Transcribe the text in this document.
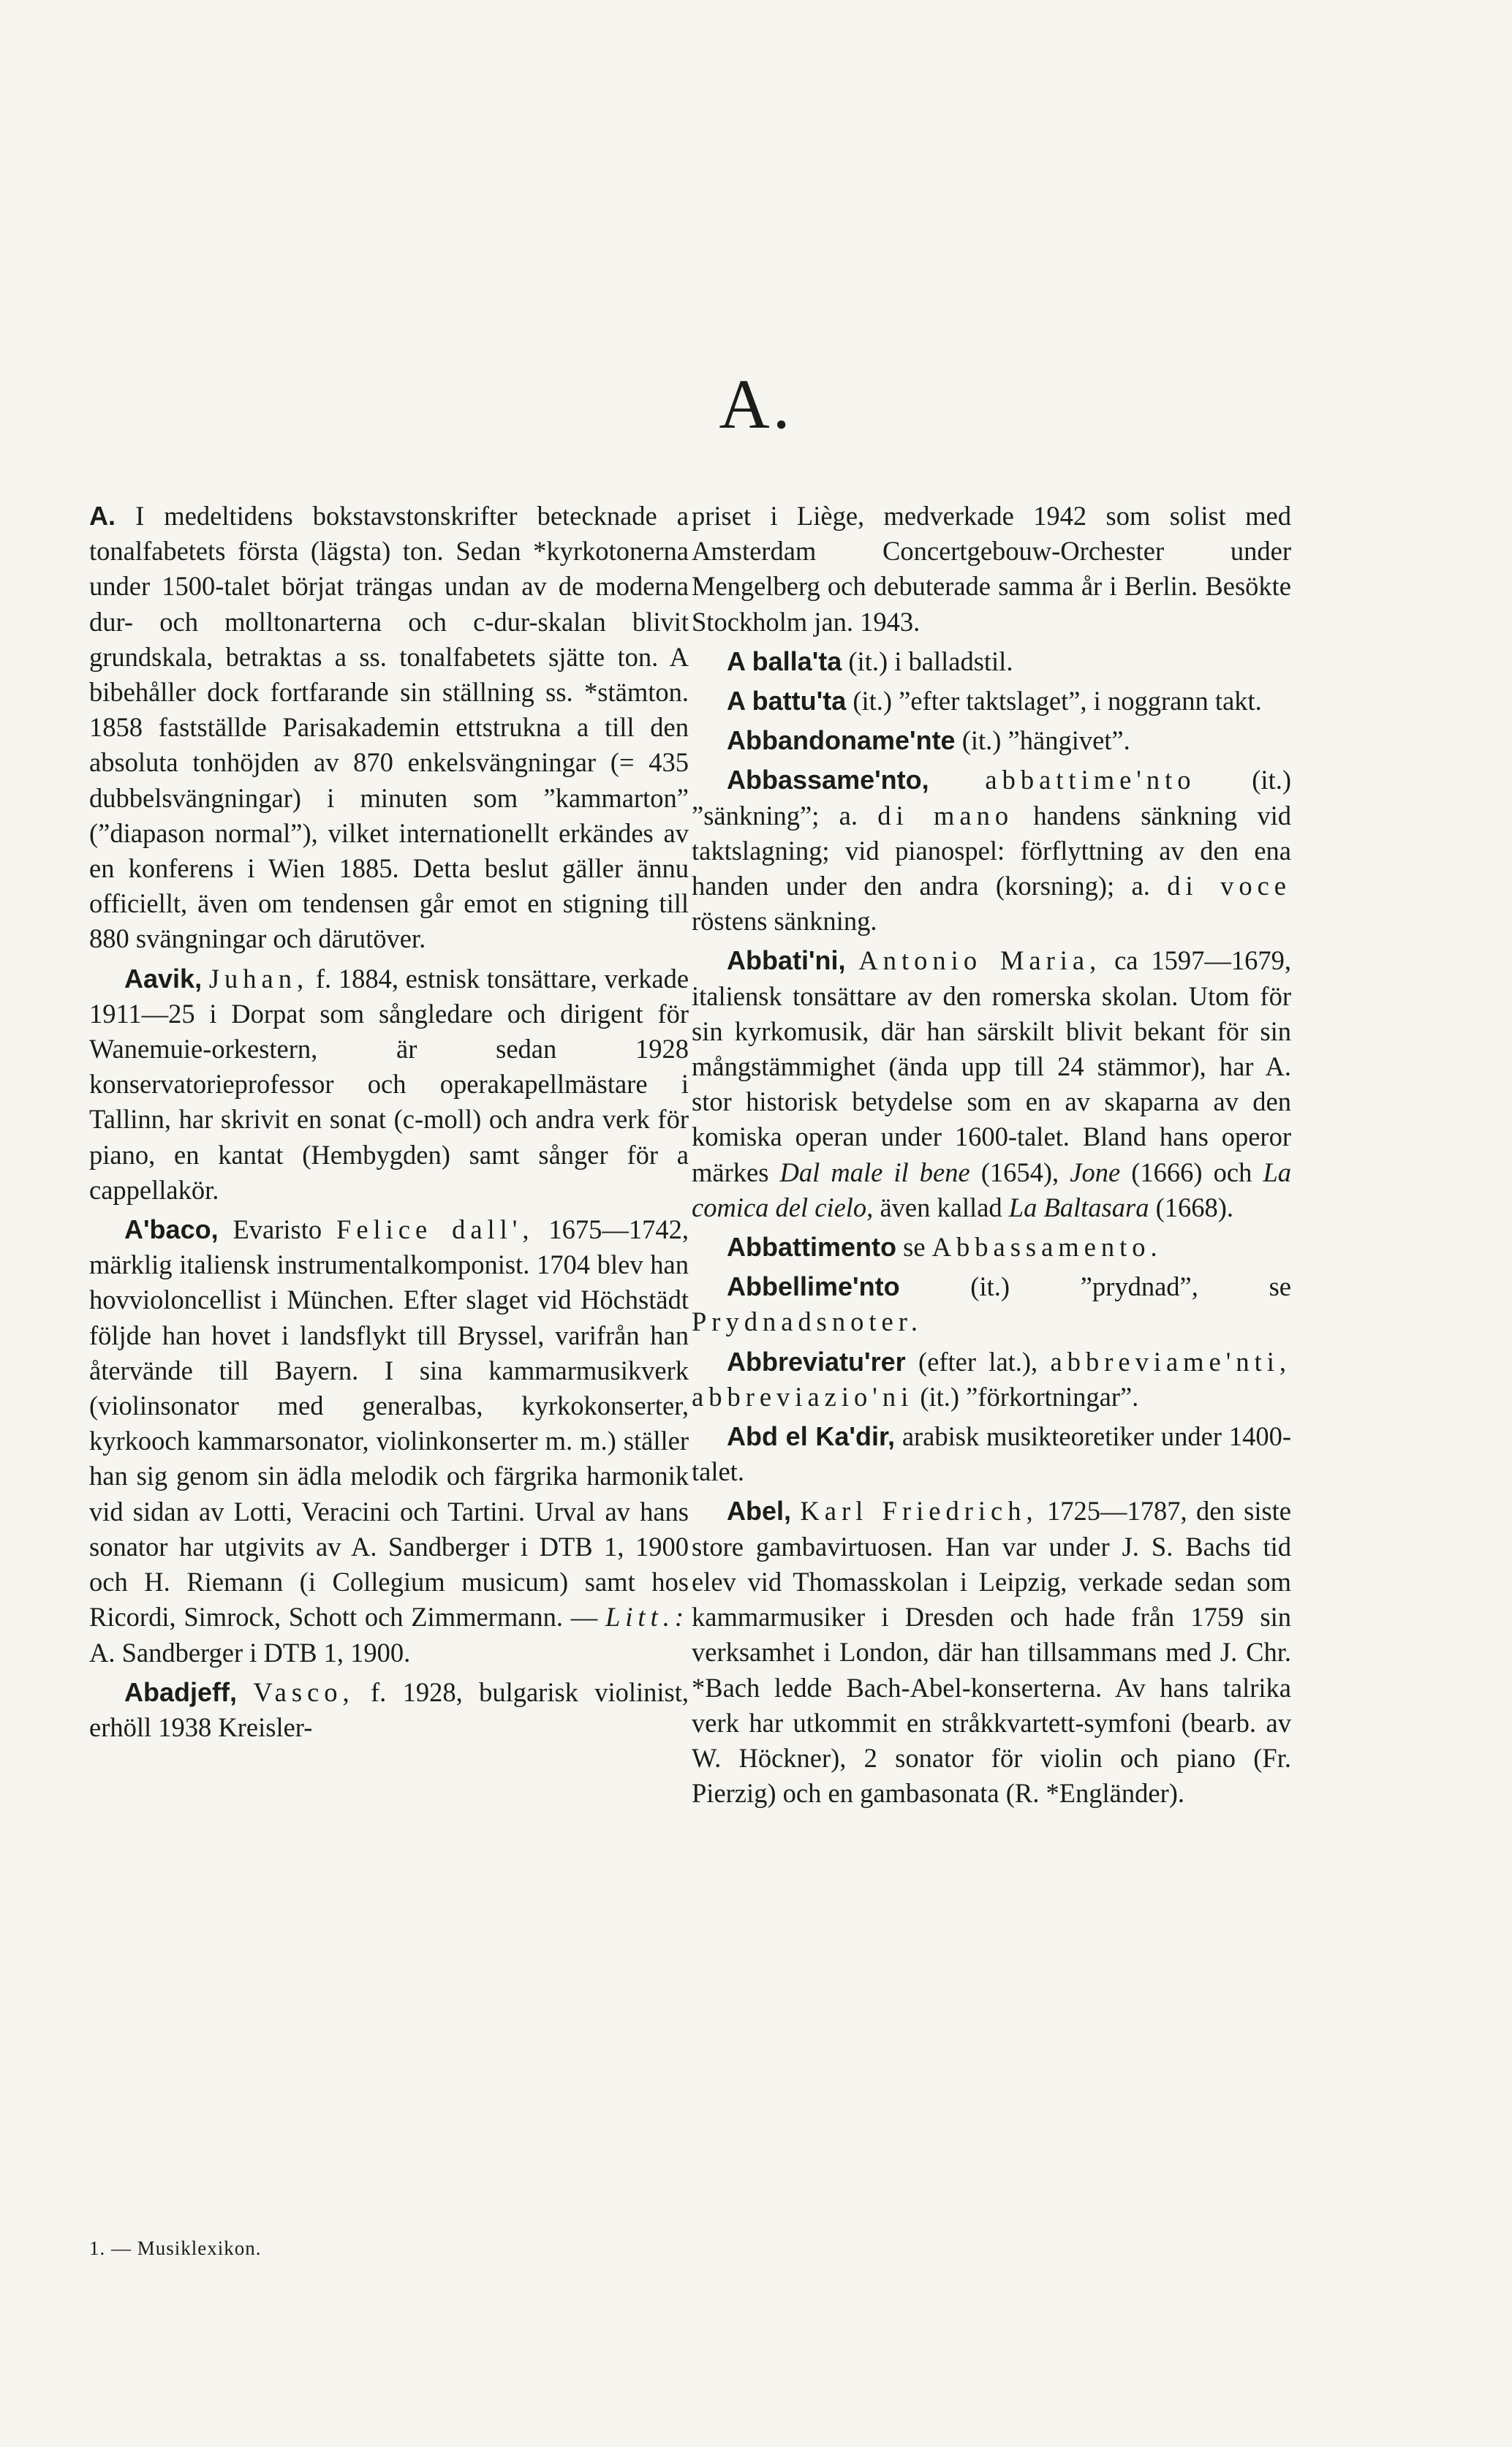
A.

A. I medeltidens bokstavstonskrifter betecknade a tonalfabetets första (lägsta) ton. Sedan *kyrkotonerna under 1500-talet börjat trängas undan av de moderna dur- och molltonarterna och c-dur-skalan blivit grundskala, betraktas a ss. tonalfabetets sjätte ton. A bibehåller dock fortfarande sin ställning ss. *stämton. 1858 fastställde Parisakademin ettstrukna a till den absoluta tonhöjden av 870 enkelsvängningar (= 435 dubbelsvängningar) i minuten som ”kammarton” (”diapason normal”), vilket internationellt erkändes av en konferens i Wien 1885. Detta beslut gäller ännu officiellt, även om tendensen går emot en stigning till 880 svängningar och därutöver.

Aavik, Juhan, f. 1884, estnisk tonsättare, verkade 1911—25 i Dorpat som sångledare och dirigent för Wanemuie-orkestern, är sedan 1928 konservatorieprofessor och operakapellmästare i Tallinn, har skrivit en sonat (c-moll) och andra verk för piano, en kantat (Hembygden) samt sånger för a cappellakör.

A'baco, Evaristo Felice dall', 1675—1742, märklig italiensk instrumentalkomponist. 1704 blev han hovvioloncellist i München. Efter slaget vid Höchstädt följde han hovet i landsflykt till Bryssel, varifrån han återvände till Bayern. I sina kammarmusikverk (violinsonator med generalbas, kyrkokonserter, kyrkooch kammarsonator, violinkonserter m. m.) ställer han sig genom sin ädla melodik och färgrika harmonik vid sidan av Lotti, Veracini och Tartini. Urval av hans sonator har utgivits av A. Sandberger i DTB 1, 1900 och H. Riemann (i Collegium musicum) samt hos Ricordi, Simrock, Schott och Zimmermann. — Litt.: A. Sandberger i DTB 1, 1900.

Abadjeff, Vasco, f. 1928, bulgarisk violinist, erhöll 1938 Kreisler-

priset i Liège, medverkade 1942 som solist med Amsterdam Concertgebouw-Orchester under Mengelberg och debuterade samma år i Berlin. Besökte Stockholm jan. 1943.

A balla'ta (it.) i balladstil.

A battu'ta (it.) ”efter taktslaget”, i noggrann takt.

Abbandoname'nte (it.) ”hängivet”.

Abbassame'nto, abbattime'nto (it.) ”sänkning”; a. di mano handens sänkning vid taktslagning; vid pianospel: förflyttning av den ena handen under den andra (korsning); a. di voce röstens sänkning.

Abbati'ni, Antonio Maria, ca 1597—1679, italiensk tonsättare av den romerska skolan. Utom för sin kyrkomusik, där han särskilt blivit bekant för sin mångstämmighet (ända upp till 24 stämmor), har A. stor historisk betydelse som en av skaparna av den komiska operan under 1600-talet. Bland hans operor märkes Dal male il bene (1654), Jone (1666) och La comica del cielo, även kallad La Baltasara (1668).

Abbattimento se Abbassamento.

Abbellime'nto	(it.) ”prydnad”, se Prydnadsnoter.

Abbreviatu'rer (efter lat.), abbreviame'nti, abbreviazio'ni (it.) ”förkortningar”.

Abd el Ka'dir, arabisk musikteoretiker under 1400-talet.

Abel, Karl Friedrich, 1725—1787, den siste store gambavirtuosen. Han var under J. S. Bachs tid elev vid Thomasskolan i Leipzig, verkade sedan som kammarmusiker i Dresden och hade från 1759 sin verksamhet i London, där han tillsammans med J. Chr. *Bach ledde Bach-Abel-konserterna. Av hans talrika verk har utkommit en stråkkvartett-symfoni (bearb. av W. Höckner), 2 sonator för violin och piano (Fr. Pierzig) och en gambasonata (R. *Engländer).

1. — Musiklexikon.
